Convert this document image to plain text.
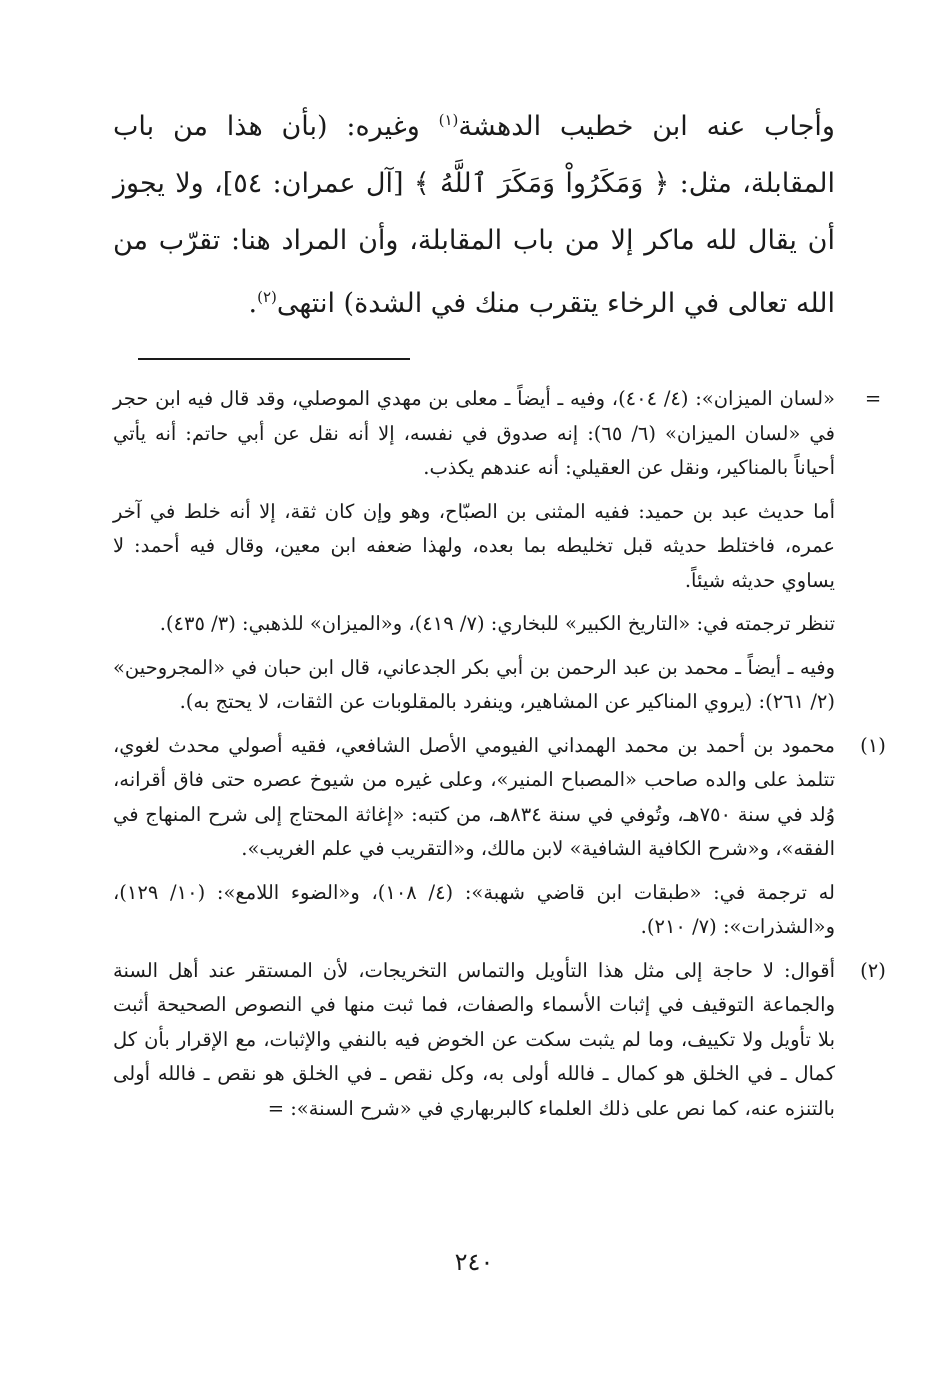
وأجاب عنه ابن خطيب الدهشة$^{(١)}$ وغيره: (بأن هذا من باب المقابلة، مثل: ﴿ وَمَكَرُواْ وَمَكَرَ ٱللَّهُ ﴾ [آل عمران: ٥٤]، ولا يجوز أن يقال لله ماكر إلا من باب المقابلة، وأن المراد هنا: تقرّب من الله تعالى في الرخاء يتقرب منك في الشدة) انتهى$^{(٢)}$.

=

«لسان الميزان»: (٤/ ٤٠٤)، وفيه ـ أيضاً ـ معلى بن مهدي الموصلي، وقد قال فيه ابن حجر في «لسان الميزان» (٦/ ٦٥): إنه صدوق في نفسه، إلا أنه نقل عن أبي حاتم: أنه يأتي أحياناً بالمناكير، ونقل عن العقيلي: أنه عندهم يكذب.

أما حديث عبد بن حميد: ففيه المثنى بن الصبّاح، وهو وإن كان ثقة، إلا أنه خلط في آخر عمره، فاختلط حديثه قبل تخليطه بما بعده، ولهذا ضعفه ابن معين، وقال فيه أحمد: لا يساوي حديثه شيئاً.

تنظر ترجمته في: «التاريخ الكبير» للبخاري: (٧/ ٤١٩)، و«الميزان» للذهبي: (٣/ ٤٣٥).

وفيه ـ أيضاً ـ محمد بن عبد الرحمن بن أبي بكر الجدعاني، قال ابن حبان في «المجروحين» (٢/ ٢٦١): (يروي المناكير عن المشاهير، وينفرد بالمقلوبات عن الثقات، لا يحتج به).

(١)

محمود بن أحمد بن محمد الهمداني الفيومي الأصل الشافعي، فقيه أصولي محدث لغوي، تتلمذ على والده صاحب «المصباح المنير»، وعلى غيره من شيوخ عصره حتى فاق أقرانه، وُلد في سنة ٧٥٠هـ، وتُوفي في سنة ٨٣٤هـ، من كتبه: «إغاثة المحتاج إلى شرح المنهاج في الفقه»، و«شرح الكافية الشافية» لابن مالك، و«التقريب في علم الغريب».

له ترجمة في: «طبقات ابن قاضي شهبة»: (٤/ ١٠٨)، و«الضوء اللامع»: (١٠/ ١٢٩)، و«الشذرات»: (٧/ ٢١٠).

(٢)

أقوال: لا حاجة إلى مثل هذا التأويل والتماس التخريجات، لأن المستقر عند أهل السنة والجماعة التوقيف في إثبات الأسماء والصفات، فما ثبت منها في النصوص الصحيحة أثبت بلا تأويل ولا تكييف، وما لم يثبت سكت عن الخوض فيه بالنفي والإثبات، مع الإقرار بأن كل كمال ـ في الخلق هو كمال ـ فالله أولى به، وكل نقص ـ في الخلق هو نقص ـ فالله أولى بالتنزه عنه، كما نص على ذلك العلماء كالبربهاري في «شرح السنة»: =

٢٤٠
